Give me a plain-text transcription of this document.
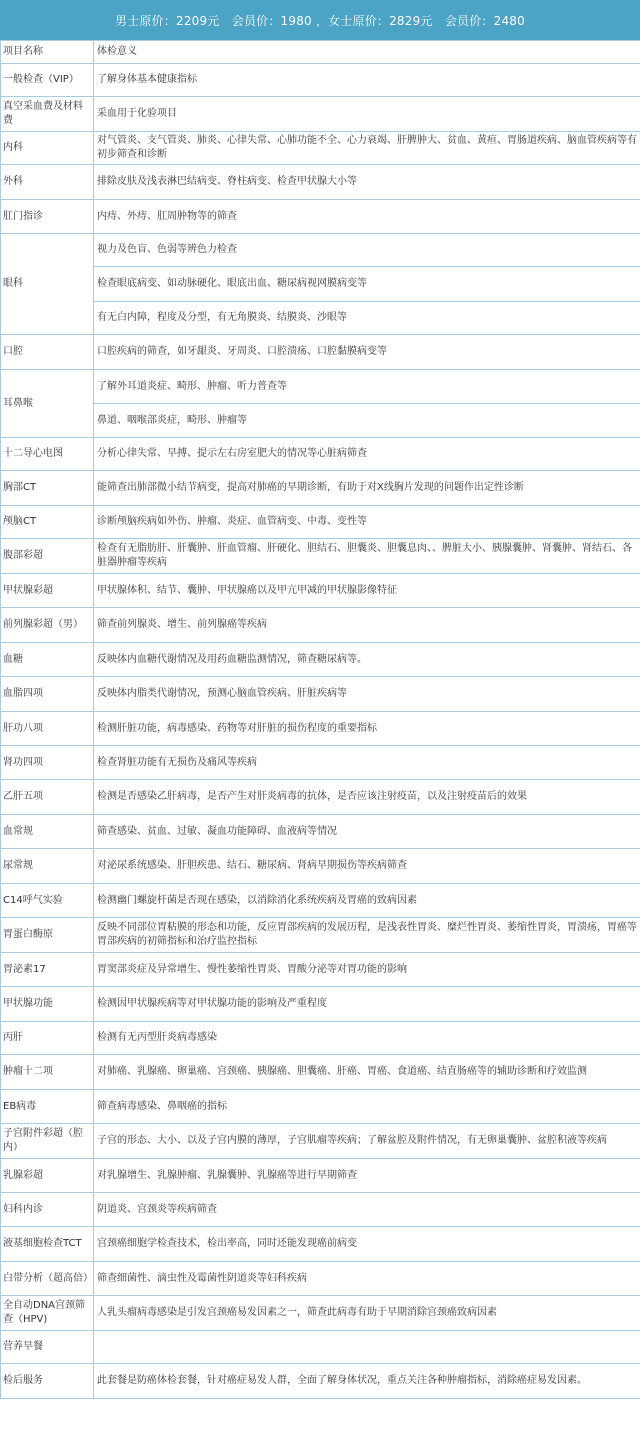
男士原价：2209元　会员价：1980 ，女士原价：2829元　会员价：2480
项目名称	体检意义
一般检查（VIP）	了解身体基本健康指标
真空采血费及材料费	采血用于化验项目
内科	对气管炎、支气管炎、肺炎、心律失常、心肺功能不全、心力衰竭、肝脾肿大、贫血、黄疸、胃肠道疾病、脑血管疾病等有初步筛查和诊断
外科	排除皮肤及浅表淋巴结病变、脊柱病变、检查甲状腺大小等
肛门指诊	内痔、外痔、肛周肿物等的筛查
眼科	视力及色盲、色弱等辨色力检查
	检查眼底病变、如动脉硬化、眼底出血、糖尿病视网膜病变等
	有无白内障，程度及分型，有无角膜炎、结膜炎、沙眼等
口腔	口腔疾病的筛查，如牙龈炎、牙周炎、口腔溃疡、口腔黏膜病变等
耳鼻喉	了解外耳道炎症、畸形、肿瘤、听力普查等
	鼻道、咽喉部炎症，畸形、肿瘤等
十二导心电图	分析心律失常、早搏、提示左右房室肥大的情况等心脏病筛查
胸部CT	能筛查出肺部微小结节病变，提高对肺癌的早期诊断，有助于对X线胸片发现的问题作出定性诊断
颅脑CT	诊断颅脑疾病如外伤、肿瘤、炎症、血管病变、中毒、变性等
腹部彩超	检查有无脂肪肝、肝囊肿、肝血管瘤、肝硬化、胆结石、胆囊炎、胆囊息肉、、脾脏大小、胰腺囊肿、肾囊肿、肾结石、各脏器肿瘤等疾病
甲状腺彩超	甲状腺体积、结节、囊肿、甲状腺癌以及甲亢甲减的甲状腺影像特征
前列腺彩超（男）	筛查前列腺炎、增生、前列腺癌等疾病
血糖	反映体内血糖代谢情况及用药血糖监测情况，筛查糖尿病等。
血脂四项	反映体内脂类代谢情况，预测心脑血管疾病、肝脏疾病等
肝功八项	检测肝脏功能，病毒感染、药物等对肝脏的损伤程度的重要指标
肾功四项	检查肾脏功能有无损伤及痛风等疾病
乙肝五项	检测是否感染乙肝病毒，是否产生对肝炎病毒的抗体，是否应该注射疫苗，以及注射疫苗后的效果
血常规	筛查感染、贫血、过敏、凝血功能障碍、血液病等情况
尿常规	对泌尿系统感染、肝胆疾患、结石、糖尿病、肾病早期损伤等疾病筛查
C14呼气实验	检测幽门螺旋杆菌是否现在感染，以消除消化系统疾病及胃癌的致病因素
胃蛋白酶原	反映不同部位胃粘膜的形态和功能，反应胃部疾病的发展历程，是浅表性胃炎、糜烂性胃炎、萎缩性胃炎，胃溃疡，胃癌等胃部疾病的初筛指标和治疗监控指标
胃泌素17	胃窦部炎症及异常增生、慢性萎缩性胃炎、胃酸分泌等对胃功能的影响
甲状腺功能	检测因甲状腺疾病等对甲状腺功能的影响及严重程度
丙肝	检测有无丙型肝炎病毒感染
肿瘤十二项	对肺癌、乳腺癌、卵巢癌、宫颈癌、胰腺癌、胆囊癌、肝癌、胃癌、食道癌、结直肠癌等的辅助诊断和疗效监测
EB病毒	筛查病毒感染、鼻咽癌的指标
子宫附件彩超（腔内）	子宫的形态、大小、以及子宫内膜的薄厚，子宫肌瘤等疾病；了解盆腔及附件情况，有无卵巢囊肿、盆腔积液等疾病
乳腺彩超	对乳腺增生、乳腺肿瘤、乳腺囊肿、乳腺癌等进行早期筛查
妇科内诊	阴道炎、宫颈炎等疾病筛查
液基细胞检查TCT	宫颈癌细胞学检查技术，检出率高，同时还能发现癌前病变
白带分析（超高倍）	筛查细菌性、滴虫性及霉菌性阴道炎等妇科疾病
全自动DNA宫颈筛查（HPV)	人乳头瘤病毒感染是引发宫颈癌易发因素之一，筛查此病毒有助于早期消除宫颈癌致病因素
营养早餐	
检后服务	此套餐是防癌体检套餐，针对癌症易发人群，全面了解身体状况，重点关注各种肿瘤指标，消除癌症易发因素。
